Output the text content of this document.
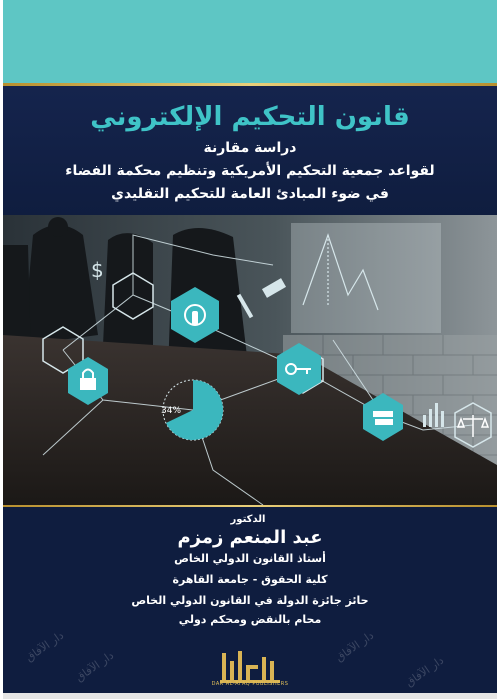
$
34%
قانون التحكيم الإلكتروني
دراسة مقارنة
لقواعد جمعية التحكيم الأمريكية وتنظيم محكمة الفضاء
في ضوء المبادئ العامة للتحكيم التقليدي
الدكتور
عبد المنعم زمزم
أستاذ القانون الدولي الخاص
كلية الحقوق - جامعة القاهرة
حائز جائزة الدولة في القانون الدولي الخاص
محام بالنقض ومحكم دولي
DAR AL-AFAQ PUBLISHERS
دار الآفاق
دار الآفاق
دار الآفاق
دار الآفاق
